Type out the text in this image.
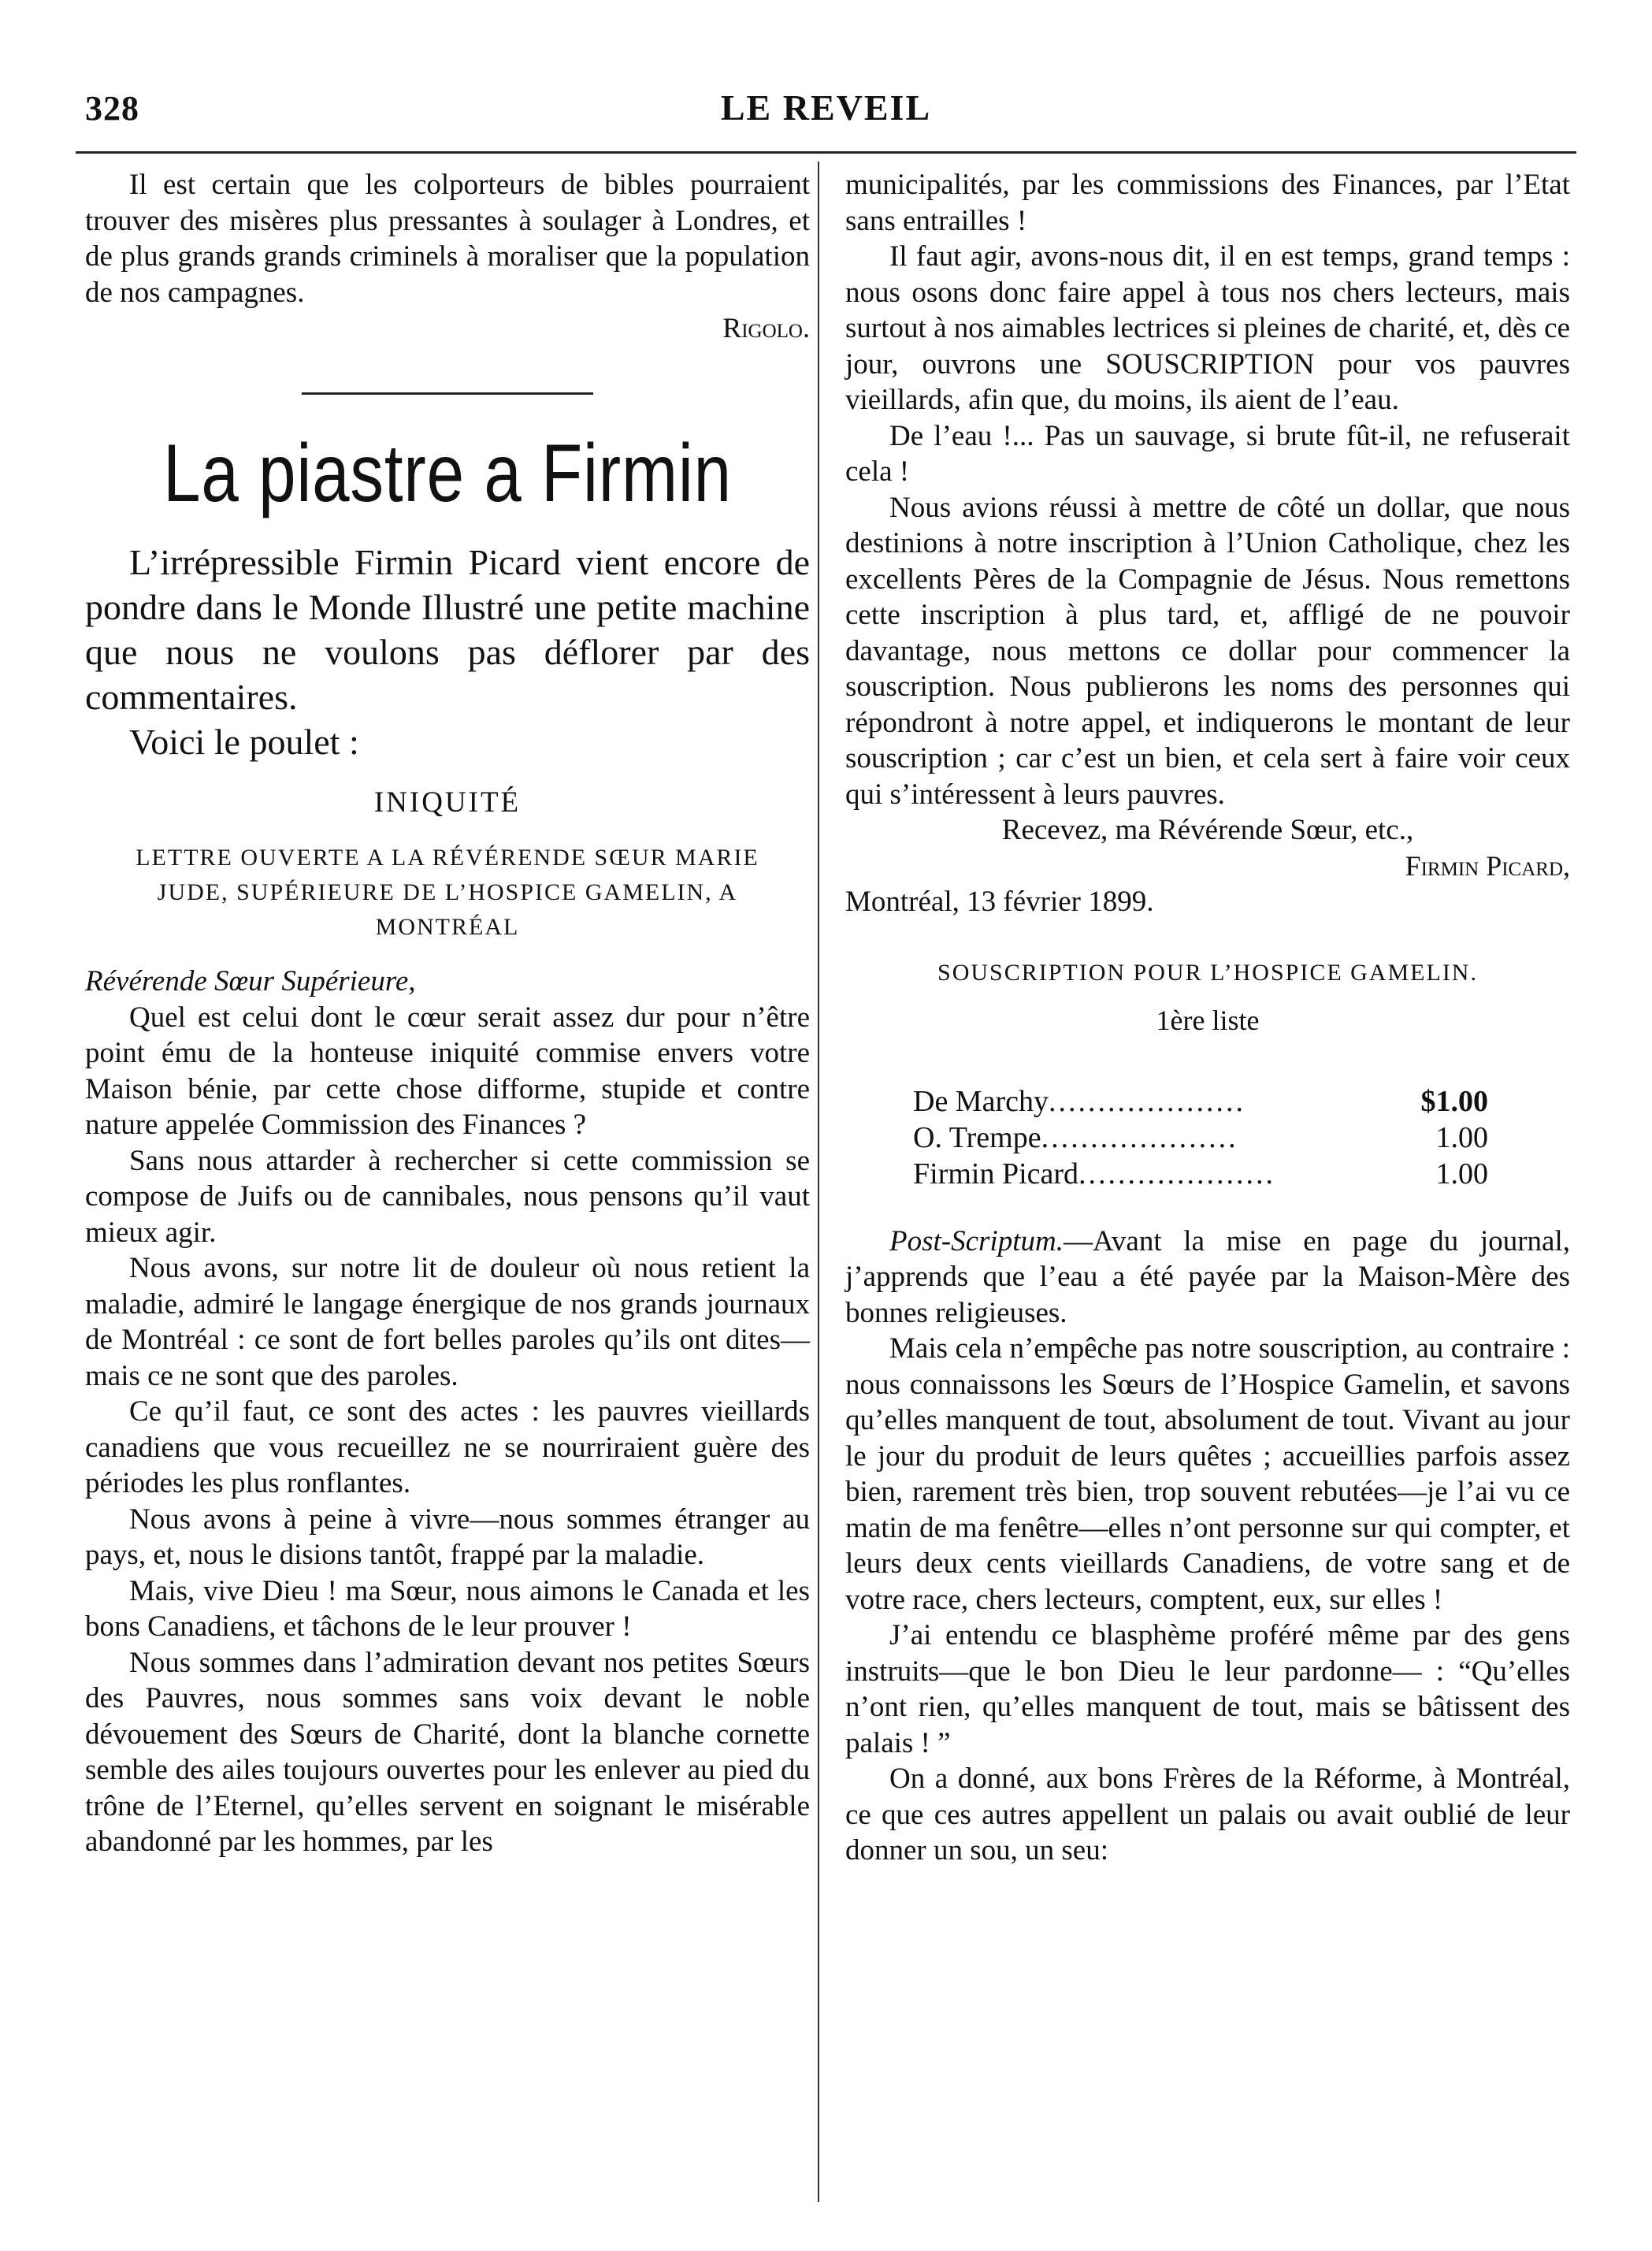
328	LE REVEIL

Il est certain que les colporteurs de bibles pourraient trouver des misères plus pressantes à soulager à Londres, et de plus grands grands criminels à moraliser que la population de nos campagnes.

Rigolo.

La piastre a Firmin

L’irrépressible Firmin Picard vient encore de pondre dans le Monde Illustré une petite machine que nous ne voulons pas déflorer par des commentaires.

Voici le poulet :

INIQUITÉ
LETTRE OUVERTE A LA RÉVÉRENDE SŒUR MARIE JUDE, SUPÉRIEURE DE L’HOSPICE GAMELIN, A MONTRÉAL

Révérende Sœur Supérieure,

Quel est celui dont le cœur serait assez dur pour n’être point ému de la honteuse iniquité commise envers votre Maison bénie, par cette chose difforme, stupide et contre nature appelée Commission des Finances ?

Sans nous attarder à rechercher si cette commission se compose de Juifs ou de cannibales, nous pensons qu’il vaut mieux agir.

Nous avons, sur notre lit de douleur où nous retient la maladie, admiré le langage énergique de nos grands journaux de Montréal : ce sont de fort belles paroles qu’ils ont dites—mais ce ne sont que des paroles.

Ce qu’il faut, ce sont des actes : les pauvres vieillards canadiens que vous recueillez ne se nourriraient guère des périodes les plus ronflantes.

Nous avons à peine à vivre—nous sommes étranger au pays, et, nous le disions tantôt, frappé par la maladie.

Mais, vive Dieu ! ma Sœur, nous aimons le Canada et les bons Canadiens, et tâchons de le leur prouver !

Nous sommes dans l’admiration devant nos petites Sœurs des Pauvres, nous sommes sans voix devant le noble dévouement des Sœurs de Charité, dont la blanche cornette semble des ailes toujours ouvertes pour les enlever au pied du trône de l’Eternel, qu’elles servent en soignant le misérable abandonné par les hommes, par les

municipalités, par les commissions des Finances, par l’Etat sans entrailles !

Il faut agir, avons-nous dit, il en est temps, grand temps : nous osons donc faire appel à tous nos chers lecteurs, mais surtout à nos aimables lectrices si pleines de charité, et, dès ce jour, ouvrons une SOUSCRIPTION pour vos pauvres vieillards, afin que, du moins, ils aient de l’eau.

De l’eau !... Pas un sauvage, si brute fût-il, ne refuserait cela !

Nous avions réussi à mettre de côté un dollar, que nous destinions à notre inscription à l’Union Catholique, chez les excellents Pères de la Compagnie de Jésus. Nous remettons cette inscription à plus tard, et, affligé de ne pouvoir davantage, nous mettons ce dollar pour commencer la souscription. Nous publierons les noms des personnes qui répondront à notre appel, et indiquerons le montant de leur souscription ; car c’est un bien, et cela sert à faire voir ceux qui s’intéressent à leurs pauvres.

Recevez, ma Révérende Sœur, etc.,

Firmin Picard,

Montréal, 13 février 1899.

SOUSCRIPTION POUR L’HOSPICE GAMELIN.
1ère liste
De Marchy....................	$1.00
O. Trempe....................	1.00
Firmin Picard....................	1.00

Post-Scriptum.—Avant la mise en page du journal, j’apprends que l’eau a été payée par la Maison-Mère des bonnes religieuses.

Mais cela n’empêche pas notre souscription, au contraire : nous connaissons les Sœurs de l’Hospice Gamelin, et savons qu’elles manquent de tout, absolument de tout. Vivant au jour le jour du produit de leurs quêtes ; accueillies parfois assez bien, rarement très bien, trop souvent rebutées—je l’ai vu ce matin de ma fenêtre—elles n’ont personne sur qui compter, et leurs deux cents vieillards Canadiens, de votre sang et de votre race, chers lecteurs, comptent, eux, sur elles !

J’ai entendu ce blasphème proféré même par des gens instruits—que le bon Dieu le leur pardonne— : “Qu’elles n’ont rien, qu’elles manquent de tout, mais se bâtissent des palais ! ”

On a donné, aux bons Frères de la Réforme, à Montréal, ce que ces autres appellent un palais ou avait oublié de leur donner un sou, un seu:
